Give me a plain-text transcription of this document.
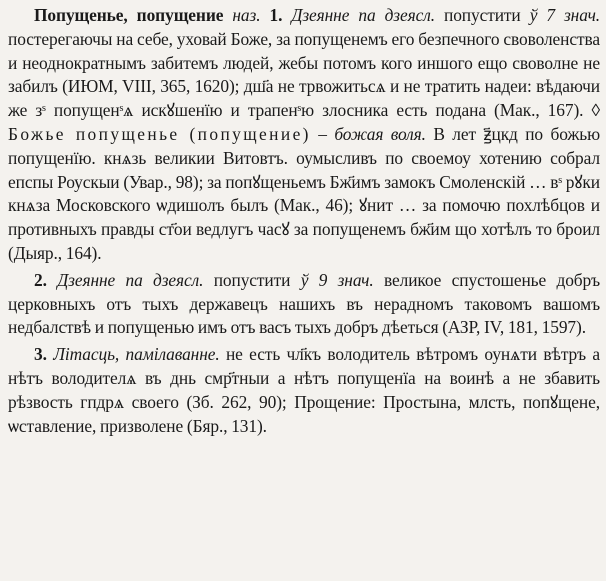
Попущенье, попущение наз. 1. Дзеянне па дзеясл. попустити ў 7 знач. постерегаючы на себе, уховай Боже, за попущенемъ его безпечного своволенства и неоднократнымъ забитемъ людей, жебы потомъ кого иншого ещо своволне не забилъ (ИЮМ, VIII, 365, 1620); дш҃а не трвожитьсѧ и не тратить надеи: вѣдаючи же зˢ попущенˢѧ искꙋшенїю и трапенˢю злосника есть подана (Мак., 167). ◊ Божье попущенье (попущение) – божая воля. В лет ꙃ҃цкд по божью попущенїю. кнѧзь великии Витовтъ. оумысливъ по своемоу хотению собрал епспы Роускыи (Увар., 98); за попꙋщеньемъ Бж҃имъ замокъ Смоленскій … вˢ рꙋки кнѧза Московского ѡдишолъ былъ (Мак., 46); ꙋнит … за помочю похлѣбцов и противныхъ правды ст҃ои ведлугъ часꙋ за попущенемъ бж҃им що хотѣлъ то броил (Дыяр., 164).

2. Дзеянне па дзеясл. попустити ў 9 знач. великое спустошенье добръ церковныхъ отъ тыхъ державецъ нашихъ въ нерадномъ таковомъ вашомъ недбалствѣ и попущенью имъ отъ васъ тыхъ добръ дѣеться (АЗР, IV, 181, 1597).

3. Літасць, памілаванне. не есть чл҃къ володитель вѣтромъ оунѧти вѣтръ а нѣтъ володителѧ въ днь смр҃тныи а нѣтъ попущенїа на воинѣ а не збавить рѣзвость гпдрѧ своего (Зб. 262, 90); Прощение: Простына, млсть, попꙋщене, ѡставление, призволене (Бяр., 131).
